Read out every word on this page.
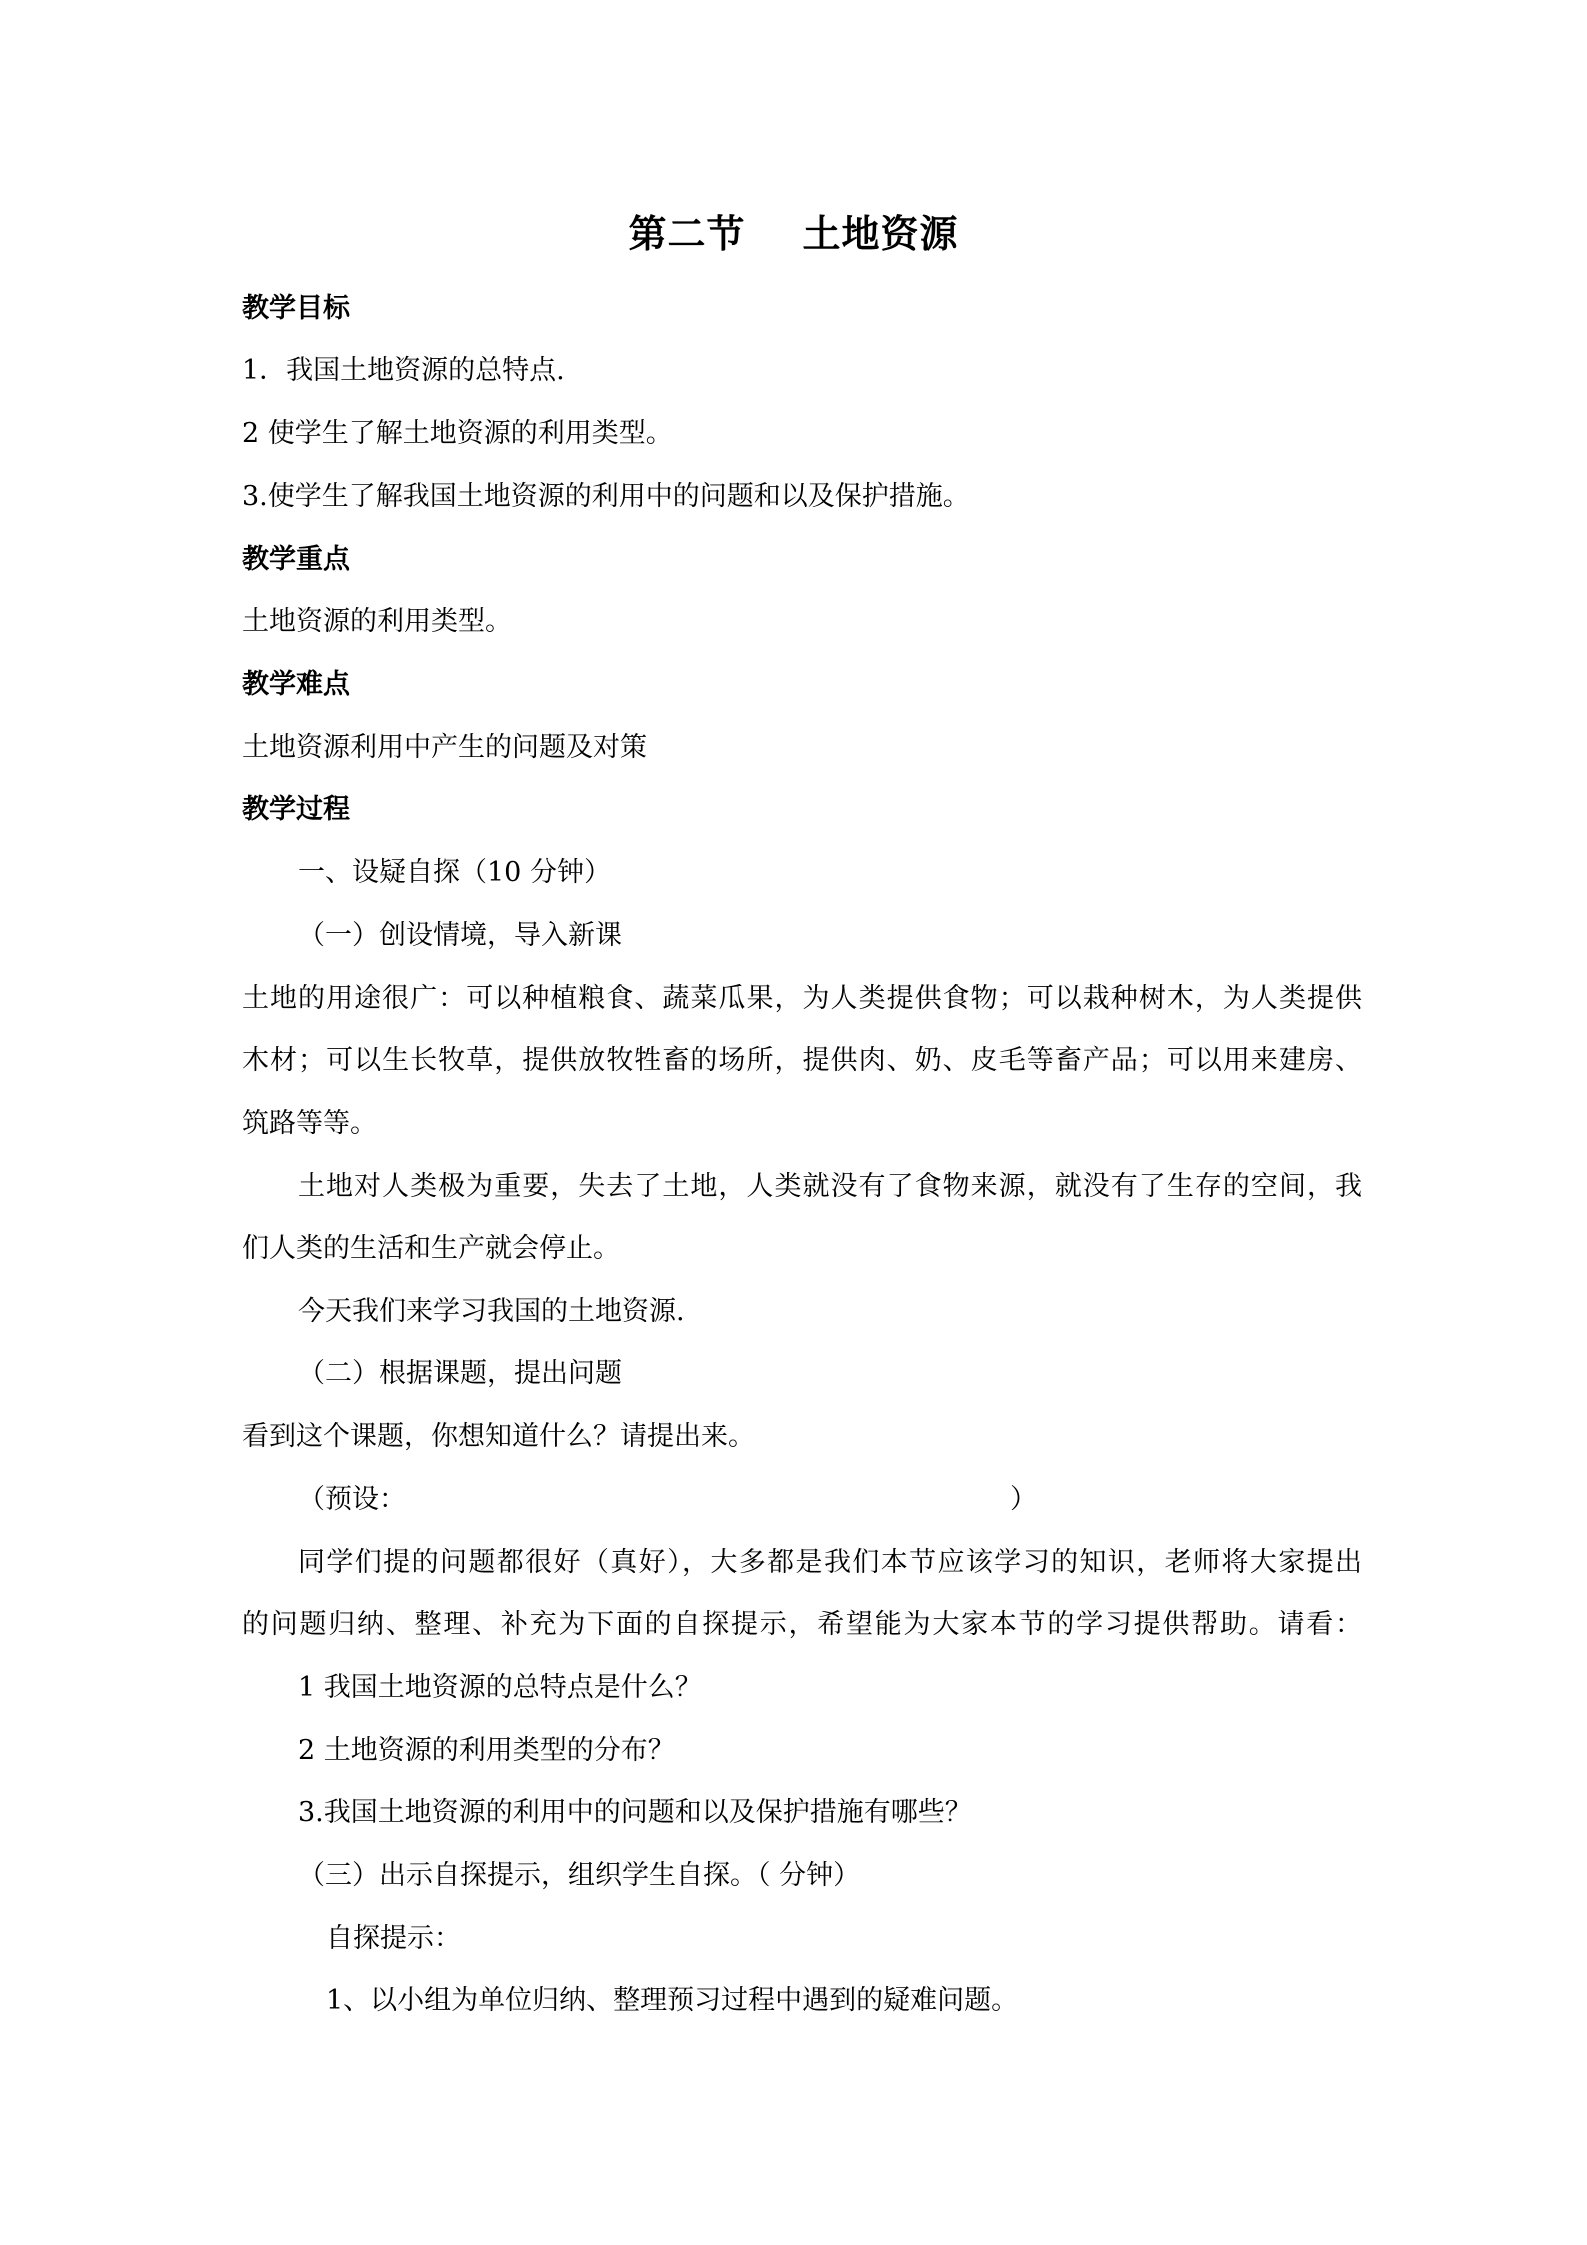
第二节    土地资源
教学目标
1．我国土地资源的总特点.
2 使学生了解土地资源的利用类型。
3.使学生了解我国土地资源的利用中的问题和以及保护措施。
教学重点
土地资源的利用类型。
教学难点
土地资源利用中产生的问题及对策
教学过程
一、设疑自探（10 分钟）
（一）创设情境，导入新课
土地的用途很广：可以种植粮食、蔬菜瓜果，为人类提供食物；可以栽种树木，为人类提供
木材；可以生长牧草，提供放牧牲畜的场所，提供肉、奶、皮毛等畜产品；可以用来建房、
筑路等等。
土地对人类极为重要，失去了土地，人类就没有了食物来源，就没有了生存的空间，我
们人类的生活和生产就会停止。
今天我们来学习我国的土地资源.
（二）根据课题，提出问题
看到这个课题，你想知道什么？请提出来。
（预设：	）
同学们提的问题都很好（真好），大多都是我们本节应该学习的知识，老师将大家提出
的问题归纳、整理、补充为下面的自探提示，希望能为大家本节的学习提供帮助。请看：
1 我国土地资源的总特点是什么？
2 土地资源的利用类型的分布？
3.我国土地资源的利用中的问题和以及保护措施有哪些？
（三）出示自探提示，组织学生自探。（ 分钟）
自探提示：
1、以小组为单位归纳、整理预习过程中遇到的疑难问题。
